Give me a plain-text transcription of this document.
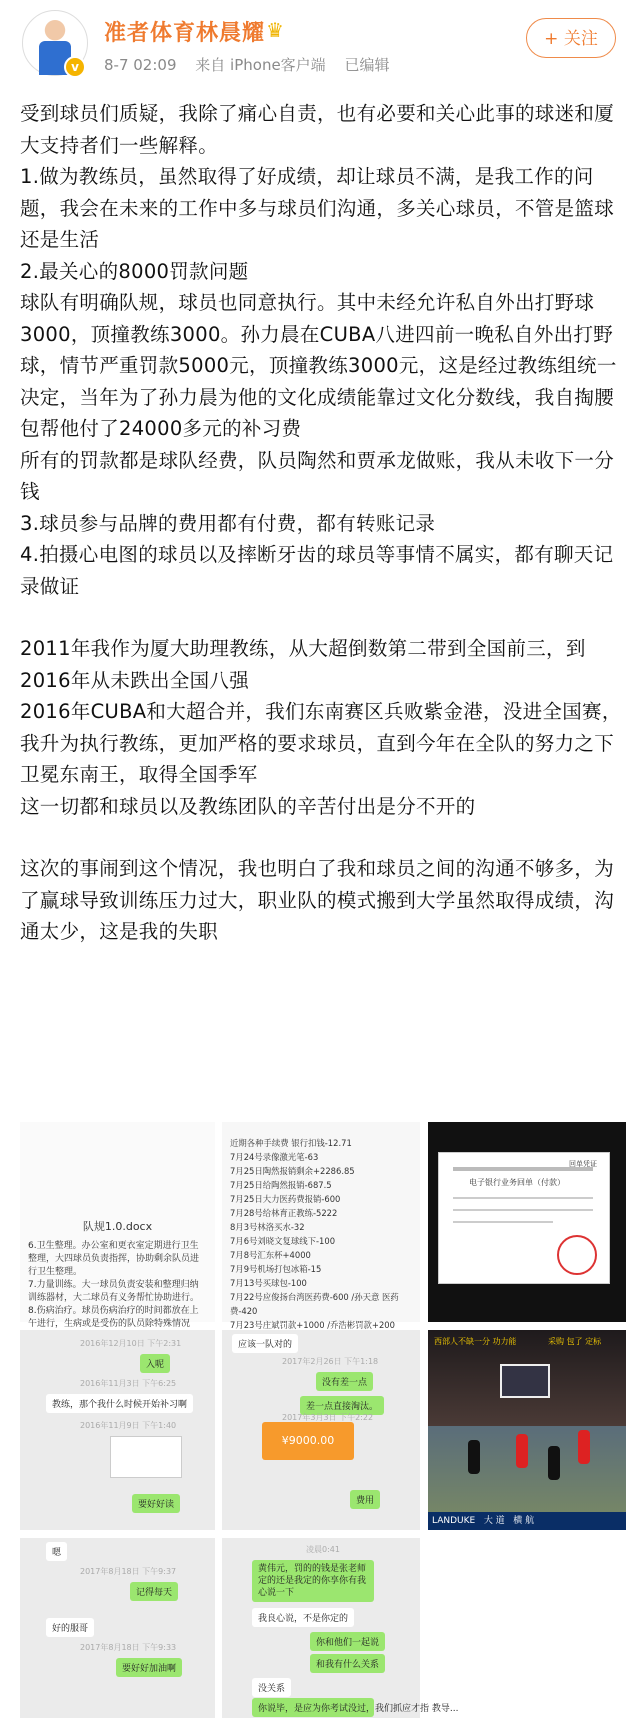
v
准者体育林晨耀 ♛
8-7 02:09 来自 iPhone客户端 已编辑
+ 关注

受到球员们质疑，我除了痛心自责，也有必要和关心此事的球迷和厦大支持者们一些解释。

1.做为教练员，虽然取得了好成绩，却让球员不满，是我工作的问题，我会在未来的工作中多与球员们沟通，多关心球员，不管是篮球还是生活

2.最关心的8000罚款问题

球队有明确队规，球员也同意执行。其中未经允许私自外出打野球3000，顶撞教练3000。孙力晨在CUBA八进四前一晚私自外出打野球，情节严重罚款5000元，顶撞教练3000元，这是经过教练组统一决定，当年为了孙力晨为他的文化成绩能靠过文化分数线，我自掏腰包帮他付了24000多元的补习费

所有的罚款都是球队经费，队员陶然和贾承龙做账，我从未收下一分钱

3.球员参与品牌的费用都有付费，都有转账记录

4.拍摄心电图的球员以及摔断牙齿的球员等事情不属实，都有聊天记录做证

2011年我作为厦大助理教练，从大超倒数第二带到全国前三，到2016年从未跌出全国八强

2016年CUBA和大超合并，我们东南赛区兵败紫金港，没进全国赛，我升为执行教练，更加严格的要求球员，直到今年在全队的努力之下卫冕东南王，取得全国季军

这一切都和球员以及教练团队的辛苦付出是分不开的

这次的事闹到这个情况，我也明白了我和球员之间的沟通不够多，为了赢球导致训练压力过大，职业队的模式搬到大学虽然取得成绩，沟通太少，这是我的失职

队规1.0.docx
6.卫生整理。办公室和更衣室定期进行卫生整理，大四球员负责指挥，协助剩余队员进行卫生整理。
7.力量训练。大一球员负责安装和整理归纳训练器材，大二球员有义务帮忙协助进行。
8.伤病治疗。球员伤病治疗的时间都放在上午进行，生病或是受伤的队员除特殊情况
近期各种手续费 银行扣钱-12.71
7月24号录像激光笔-63
7月25日陶然报销剩余+2286.85
7月25日给陶然报销-687.5
7月25日大力医药费报销-600
7月28号给林育正教练-5222
8月3号林洛买水-32
7月6号刘晓文复球线下-100
7月8号汇东杯+4000
7月9号机场打包冰箱-15
7月13号买球包-100
7月22号应俊扬台湾医药费-600 /孙天意 医药费-420
7月23号庄斌罚款+1000 /乔浩彬罚款+200
电子银行业务回单（付款）
回单凭证
2016年12月10日 下午2:31
入呢
2016年11月3日 下午6:25
教练，那个我什么时候开始补习啊
2016年11月9日 下午1:40
要好好读
应该一队对的
2017年2月26日 下午1:18
没有差一点
差一点直接淘汰。
2017年3月3日 下午2:22
¥9000.00
费用
西部人不缺一分 功力能	采购 包了 定标
LANDUKE 大 道 横 航
嗯
2017年8月18日 下午9:37
记得每天
好的服哥
2017年8月18日 下午9:33
要好好加油啊
凌晨0:41
黄伟元，罚的的钱是张老师定的还是我定的你享你有我心说一下
我良心说，不是你定的
你和他们一起说
和我有什么关系
没关系
你说毕，是应为你考试没过，我们抓应才指 教导...
